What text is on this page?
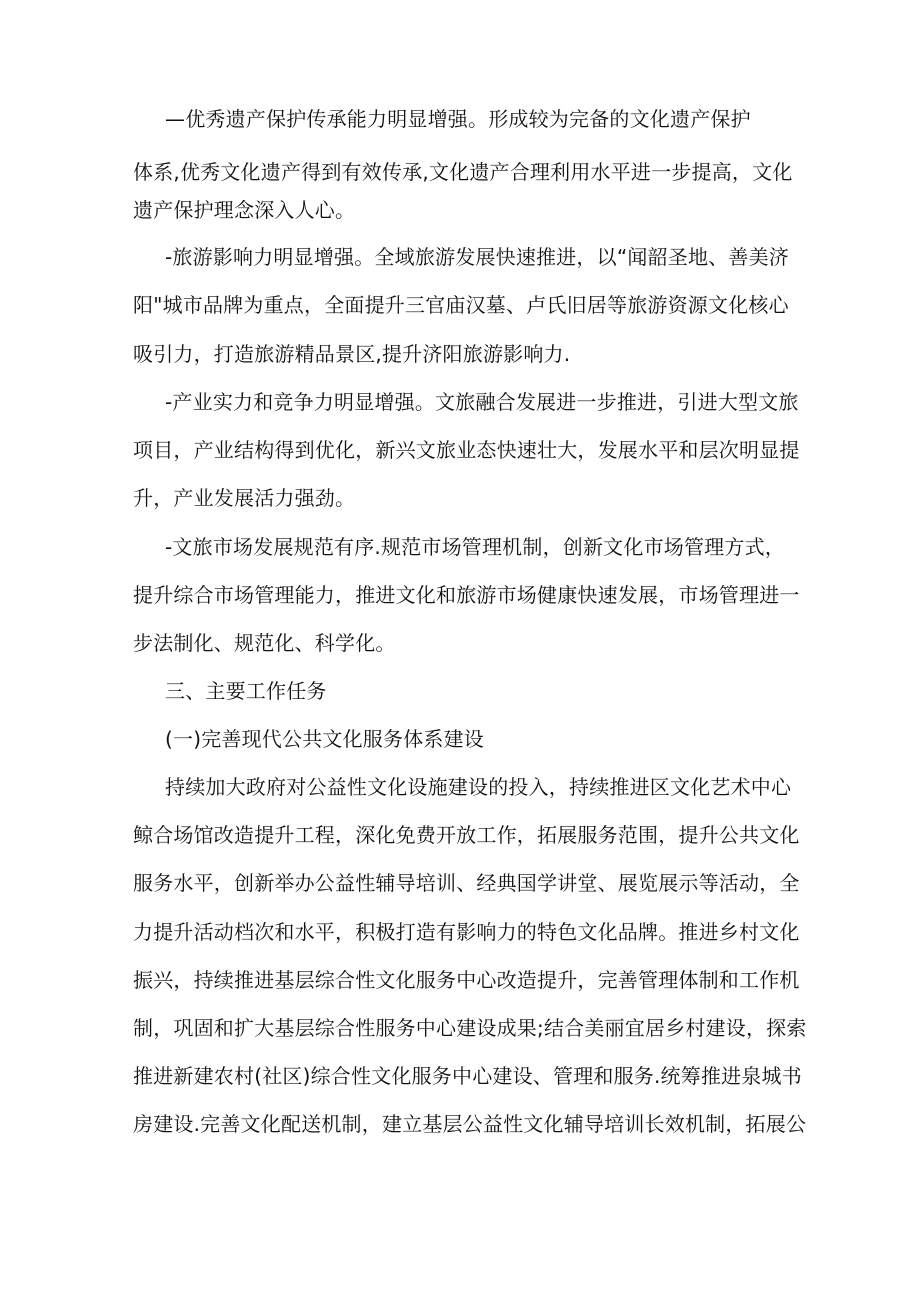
—优秀遗产保护传承能力明显增强。形成较为完备的文化遗产保护
体系,优秀文化遗产得到有效传承,文化遗产合理利用水平进一步提高，文化
遗产保护理念深入人心。
-旅游影响力明显增强。全域旅游发展快速推进，以“闻韶圣地、善美济
阳"城市品牌为重点，全面提升三官庙汉墓、卢氏旧居等旅游资源文化核心
吸引力，打造旅游精品景区,提升济阳旅游影响力.
-产业实力和竞争力明显增强。文旅融合发展进一步推进，引进大型文旅
项目，产业结构得到优化，新兴文旅业态快速壮大，发展水平和层次明显提
升，产业发展活力强劲。
-文旅市场发展规范有序.规范市场管理机制，创新文化市场管理方式，
提升综合市场管理能力，推进文化和旅游市场健康快速发展，市场管理进一
步法制化、规范化、科学化。
三、主要工作任务
(一)完善现代公共文化服务体系建设
持续加大政府对公益性文化设施建设的投入，持续推进区文化艺术中心
鲸合场馆改造提升工程，深化免费开放工作，拓展服务范围，提升公共文化
服务水平，创新举办公益性辅导培训、经典国学讲堂、展览展示等活动，全
力提升活动档次和水平，积极打造有影响力的特色文化品牌。推进乡村文化
振兴，持续推进基层综合性文化服务中心改造提升，完善管理体制和工作机
制，巩固和扩大基层综合性服务中心建设成果;结合美丽宜居乡村建设，探索
推进新建农村(社区)综合性文化服务中心建设、管理和服务.统筹推进泉城书
房建设.完善文化配送机制，建立基层公益性文化辅导培训长效机制，拓展公
